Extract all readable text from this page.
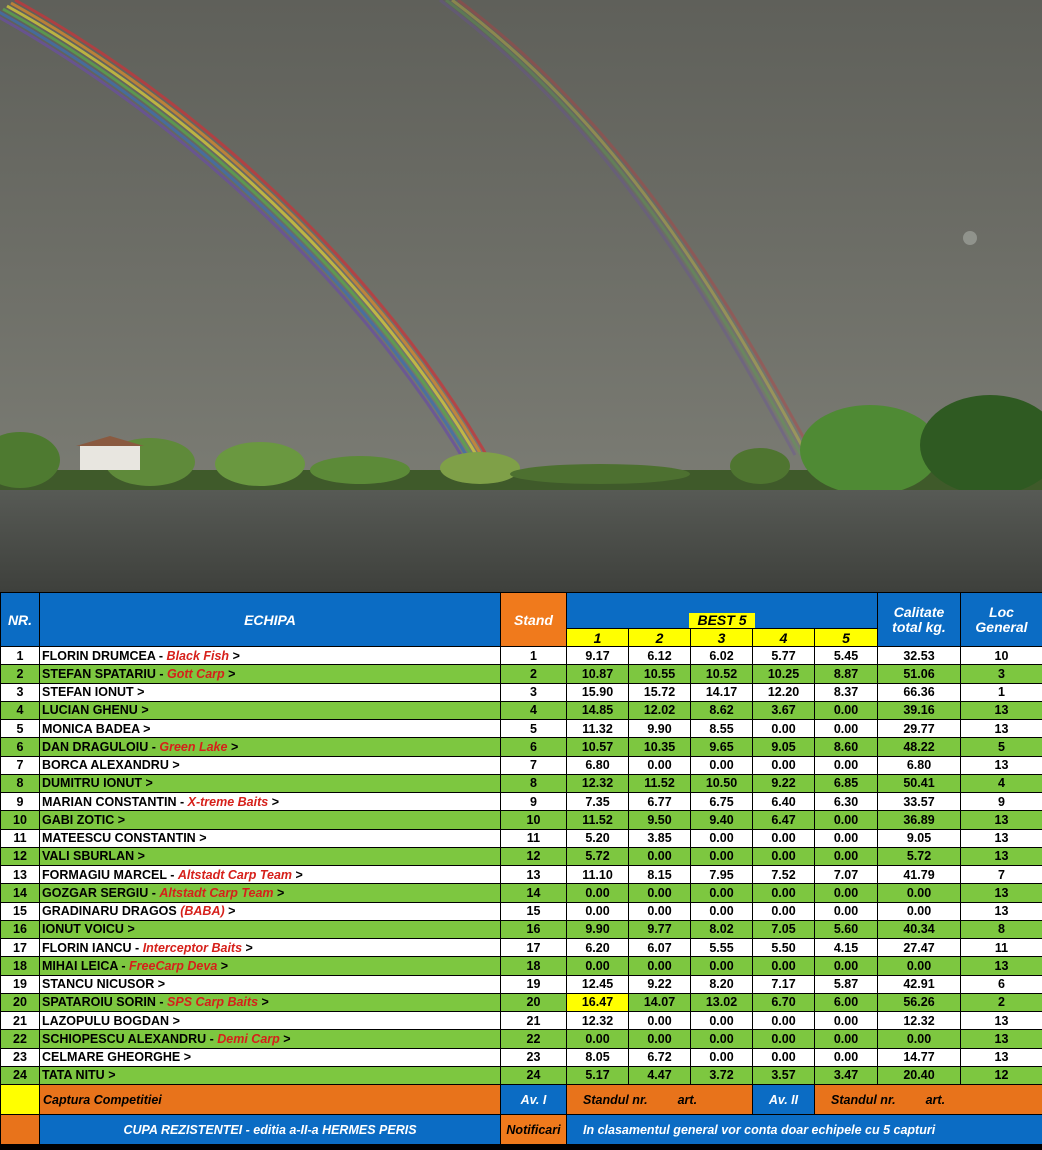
NR.	ECHIPA	Stand	BEST 5					Calitate
total kg.	Loc
General
			1	2	3	4	5		
1	FLORIN DRUMCEA - Black Fish >	1	9.17	6.12	6.02	5.77	5.45	32.53	10
2	STEFAN SPATARIU - Gott Carp >	2	10.87	10.55	10.52	10.25	8.87	51.06	3
3	STEFAN IONUT >	3	15.90	15.72	14.17	12.20	8.37	66.36	1
4	LUCIAN GHENU >	4	14.85	12.02	8.62	3.67	0.00	39.16	13
5	MONICA BADEA >	5	11.32	9.90	8.55	0.00	0.00	29.77	13
6	DAN DRAGULOIU - Green Lake >	6	10.57	10.35	9.65	9.05	8.60	48.22	5
7	BORCA ALEXANDRU >	7	6.80	0.00	0.00	0.00	0.00	6.80	13
8	DUMITRU IONUT >	8	12.32	11.52	10.50	9.22	6.85	50.41	4
9	MARIAN CONSTANTIN - X-treme Baits >	9	7.35	6.77	6.75	6.40	6.30	33.57	9
10	GABI ZOTIC >	10	11.52	9.50	9.40	6.47	0.00	36.89	13
11	MATEESCU CONSTANTIN >	11	5.20	3.85	0.00	0.00	0.00	9.05	13
12	VALI SBURLAN >	12	5.72	0.00	0.00	0.00	0.00	5.72	13
13	FORMAGIU MARCEL - Altstadt Carp Team >	13	11.10	8.15	7.95	7.52	7.07	41.79	7
14	GOZGAR SERGIU - Altstadt Carp Team >	14	0.00	0.00	0.00	0.00	0.00	0.00	13
15	GRADINARU DRAGOS (BABA) >	15	0.00	0.00	0.00	0.00	0.00	0.00	13
16	IONUT VOICU >	16	9.90	9.77	8.02	7.05	5.60	40.34	8
17	FLORIN IANCU - Interceptor Baits >	17	6.20	6.07	5.55	5.50	4.15	27.47	11
18	MIHAI LEICA - FreeCarp Deva >	18	0.00	0.00	0.00	0.00	0.00	0.00	13
19	STANCU NICUSOR >	19	12.45	9.22	8.20	7.17	5.87	42.91	6
20	SPATAROIU SORIN - SPS Carp Baits >	20	16.47	14.07	13.02	6.70	6.00	56.26	2
21	LAZOPULU BOGDAN >	21	12.32	0.00	0.00	0.00	0.00	12.32	13
22	SCHIOPESCU ALEXANDRU - Demi Carp >	22	0.00	0.00	0.00	0.00	0.00	0.00	13
23	CELMARE GHEORGHE >	23	8.05	6.72	0.00	0.00	0.00	14.77	13
24	TATA NITU >	24	5.17	4.47	3.72	3.57	3.47	20.40	12
	Captura Competitiei	Av. I	Standul nr. art.			Av. II	Standul nr. art.		
	CUPA REZISTENTEI - editia a-II-a HERMES PERIS	Notificari	In clasamentul general vor conta doar echipele cu 5 capturi						
